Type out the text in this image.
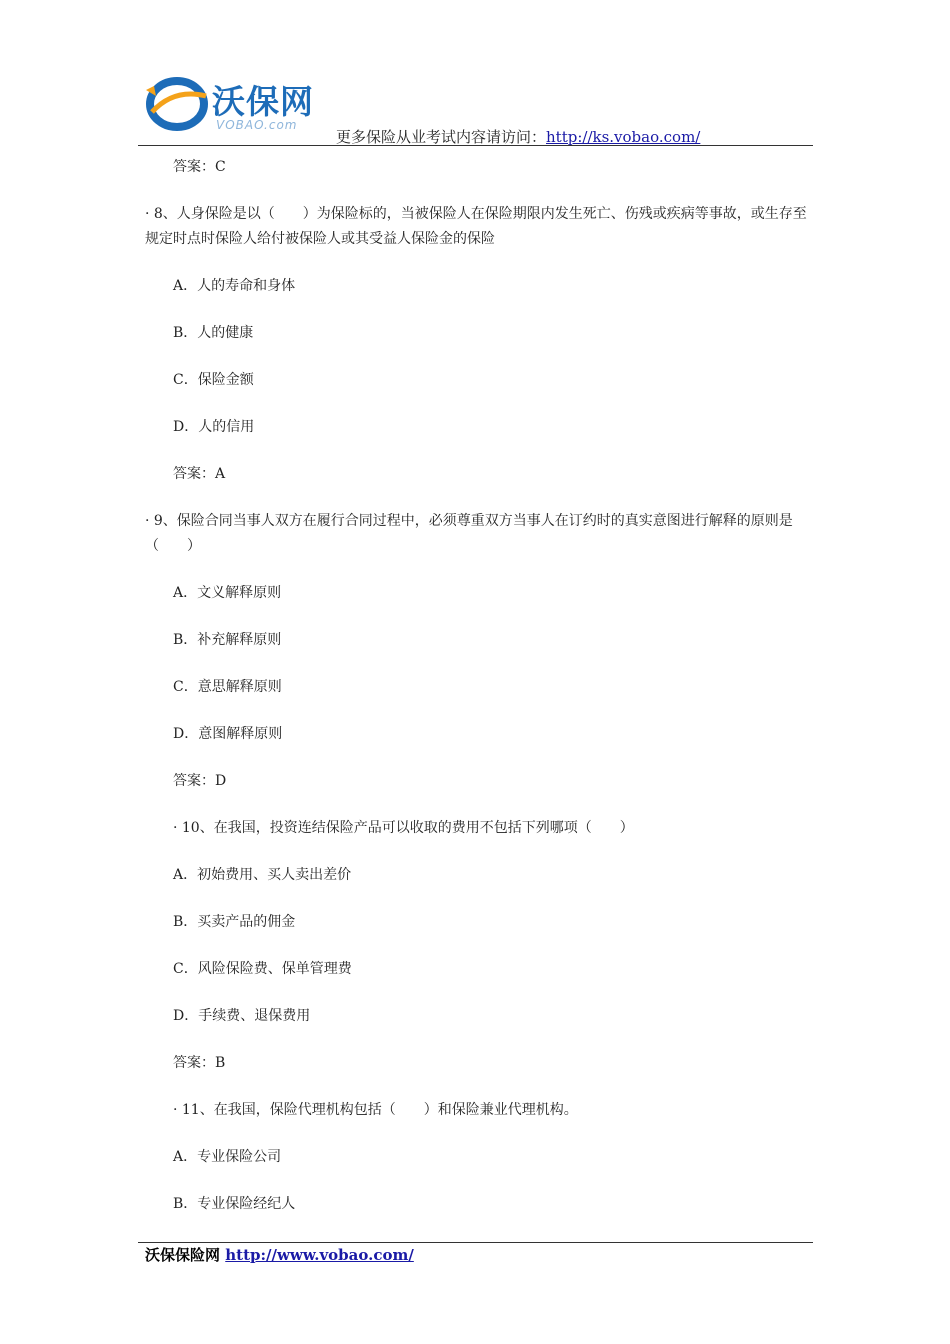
沃保网
VOBAO.com
更多保险从业考试内容请访问：http://ks.vobao.com/

答案：C

· 8、人身保险是以（　　）为保险标的，当被保险人在保险期限内发生死亡、伤残或疾病等事故，或生存至规定时点时保险人给付被保险人或其受益人保险金的保险

A．人的寿命和身体

B．人的健康

C．保险金额

D．人的信用

答案：A

· 9、保险合同当事人双方在履行合同过程中，必须尊重双方当事人在订约时的真实意图进行解释的原则是（　　）

A．文义解释原则

B．补充解释原则

C．意思解释原则

D．意图解释原则

答案：D

· 10、在我国，投资连结保险产品可以收取的费用不包括下列哪项（　　）

A．初始费用、买人卖出差价

B．买卖产品的佣金

C．风险保险费、保单管理费

D．手续费、退保费用

答案：B

· 11、在我国，保险代理机构包括（　　）和保险兼业代理机构。

A．专业保险公司

B．专业保险经纪人

沃保保险网 http://www.vobao.com/
